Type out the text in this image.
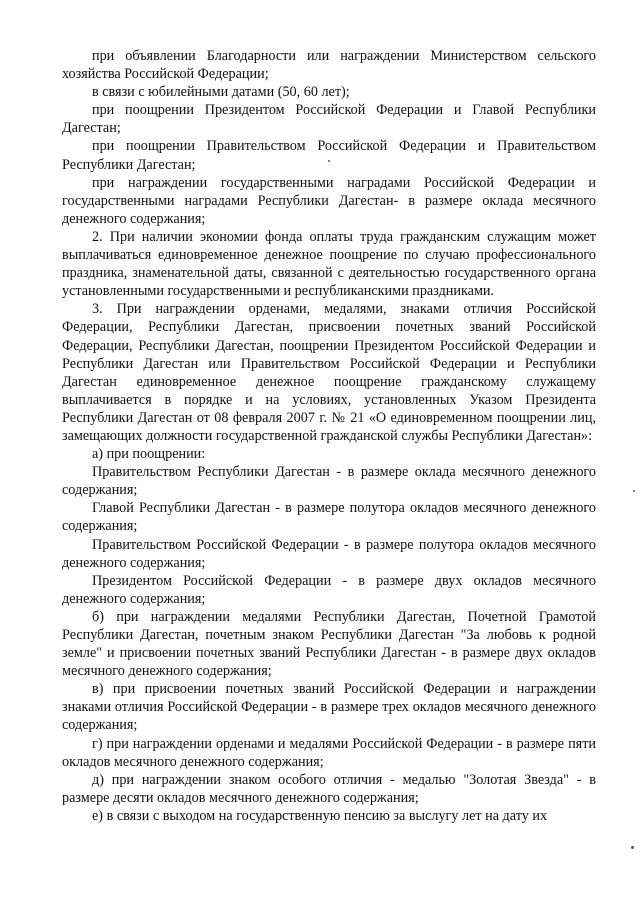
при объявлении Благодарности или награждении Министерством сельского хозяйства Российской Федерации;

в связи с юбилейными датами (50, 60 лет);

при поощрении Президентом Российской Федерации и Главой Республики Дагестан;

при поощрении Правительством Российской Федерации и Правительством Республики Дагестан;

при награждении государственными наградами Российской Федерации и государственными наградами Республики Дагестан- в размере оклада месячного денежного содержания;

2. При наличии экономии фонда оплаты труда гражданским служащим может выплачиваться единовременное денежное поощрение по случаю профессионального праздника, знаменательной даты, связанной с деятельностью государственного органа установленными государственными и республиканскими праздниками.

3. При награждении орденами, медалями, знаками отличия Российской Федерации, Республики Дагестан, присвоении почетных званий Российской Федерации, Республики Дагестан, поощрении Президентом Российской Федерации и Республики Дагестан или Правительством Российской Федерации и Республики Дагестан единовременное денежное поощрение гражданскому служащему выплачивается в порядке и на условиях, установленных Указом Президента Республики Дагестан от 08 февраля 2007 г. № 21 «О единовременном поощрении лиц, замещающих должности государственной гражданской службы Республики Дагестан»:

а) при поощрении:

Правительством Республики Дагестан - в размере оклада месячного денежного содержания;

Главой Республики Дагестан - в размере полутора окладов месячного денежного содержания;

Правительством Российской Федерации - в размере полутора окладов месячного денежного содержания;

Президентом Российской Федерации - в размере двух окладов месячного денежного содержания;

б) при награждении медалями Республики Дагестан, Почетной Грамотой Республики Дагестан, почетным знаком Республики Дагестан "За любовь к родной земле" и присвоении почетных званий Республики Дагестан - в размере двух окладов месячного денежного содержания;

в) при присвоении почетных званий Российской Федерации и награждении знаками отличия Российской Федерации - в размере трех окладов месячного денежного содержания;

г) при награждении орденами и медалями Российской Федерации - в размере пяти окладов месячного денежного содержания;

д) при награждении знаком особого отличия - медалью "Золотая Звезда" - в размере десяти окладов месячного денежного содержания;

е) в связи с выходом на государственную пенсию за выслугу лет на дату их
